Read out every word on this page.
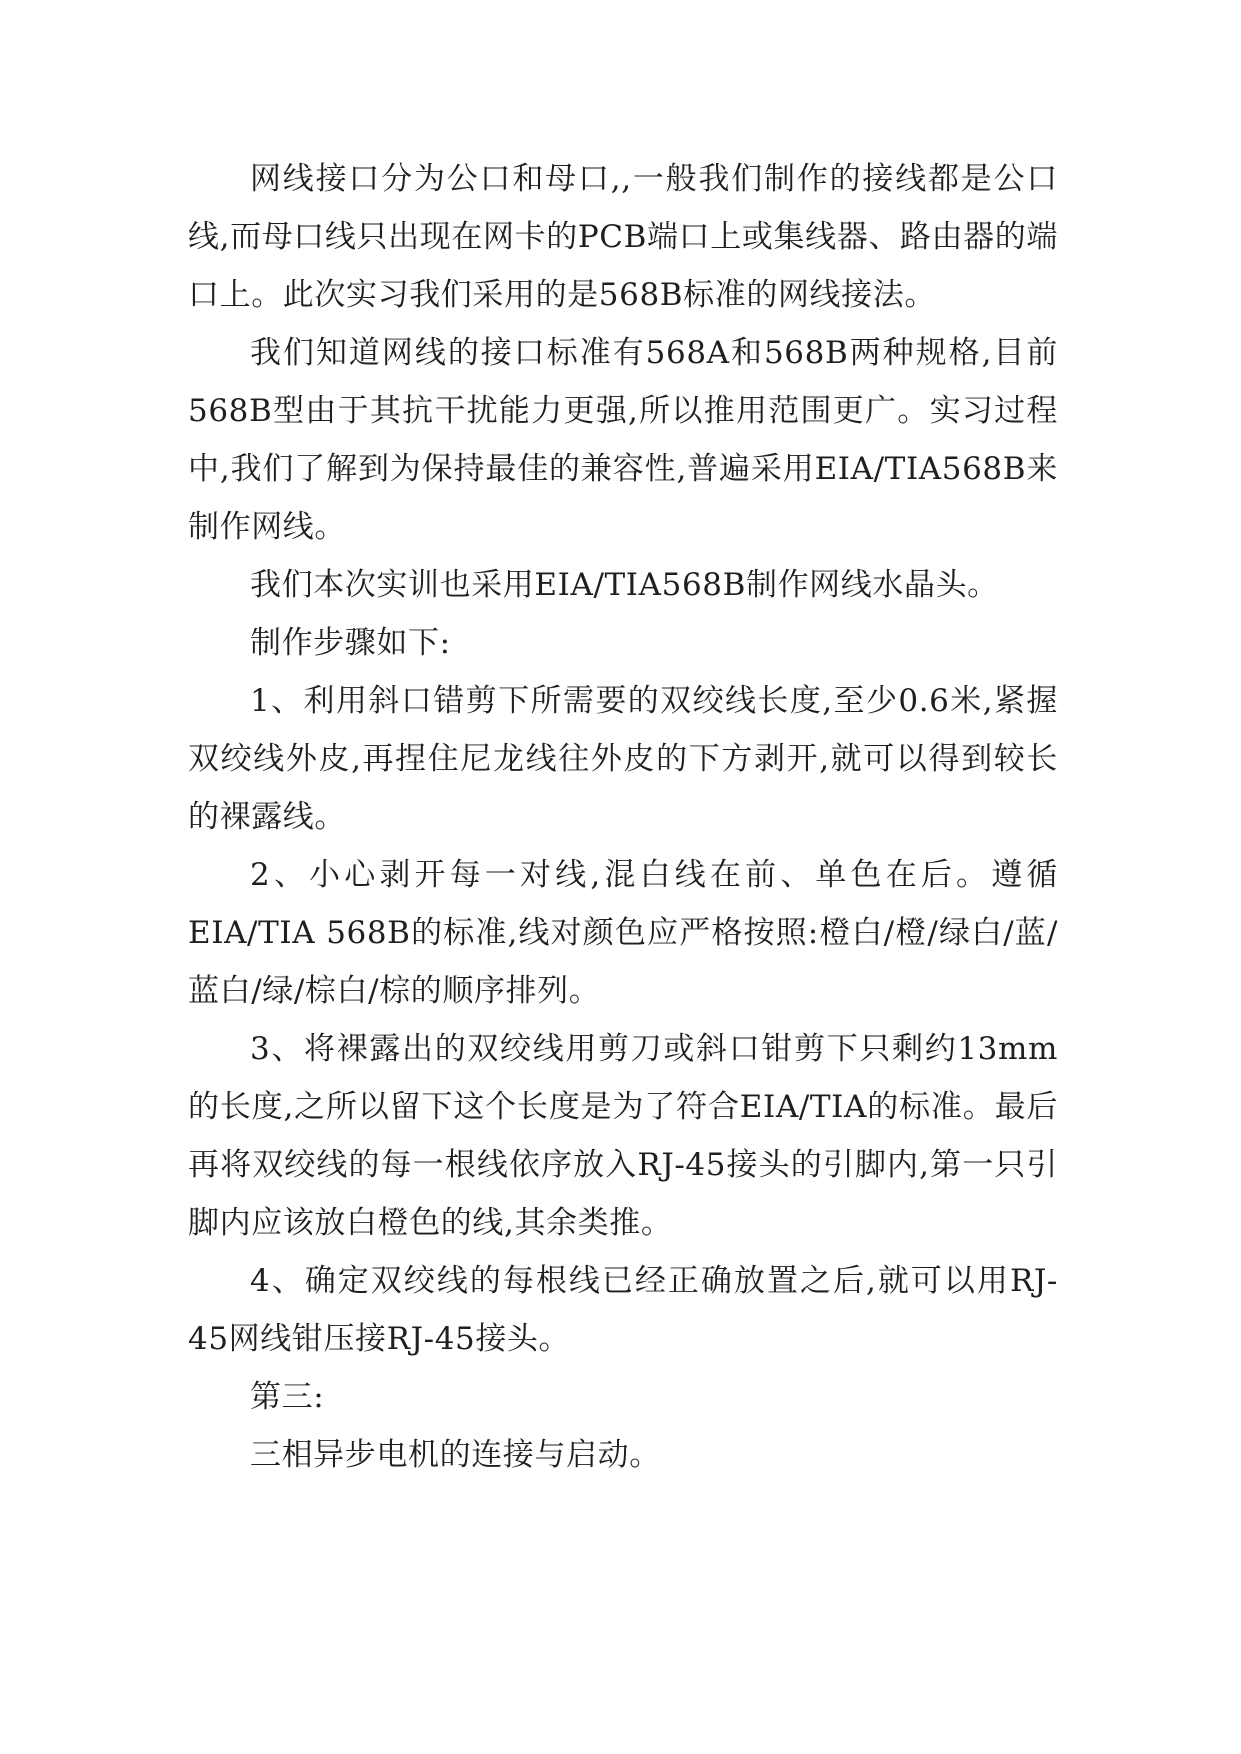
网线接口分为公口和母口,,一般我们制作的接线都是公口线,而母口线只出现在网卡的PCB端口上或集线器、路由器的端口上。此次实习我们采用的是568B标准的网线接法。

我们知道网线的接口标准有568A和568B两种规格,目前568B型由于其抗干扰能力更强,所以推用范围更广。实习过程中,我们了解到为保持最佳的兼容性,普遍采用EIA/TIA568B来制作网线。

我们本次实训也采用EIA/TIA568B制作网线水晶头。

制作步骤如下:

1、利用斜口错剪下所需要的双绞线长度,至少0.6米,紧握双绞线外皮,再捏住尼龙线往外皮的下方剥开,就可以得到较长的裸露线。

2、小心剥开每一对线,混白线在前、单色在后。遵循EIA/TIA 568B的标准,线对颜色应严格按照:橙白/橙/绿白/蓝/蓝白/绿/棕白/棕的顺序排列。

3、将裸露出的双绞线用剪刀或斜口钳剪下只剩约13mm的长度,之所以留下这个长度是为了符合EIA/TIA的标准。最后再将双绞线的每一根线依序放入RJ-45接头的引脚内,第一只引脚内应该放白橙色的线,其余类推。

4、确定双绞线的每根线已经正确放置之后,就可以用RJ-45网线钳压接RJ-45接头。

第三:

三相异步电机的连接与启动。
